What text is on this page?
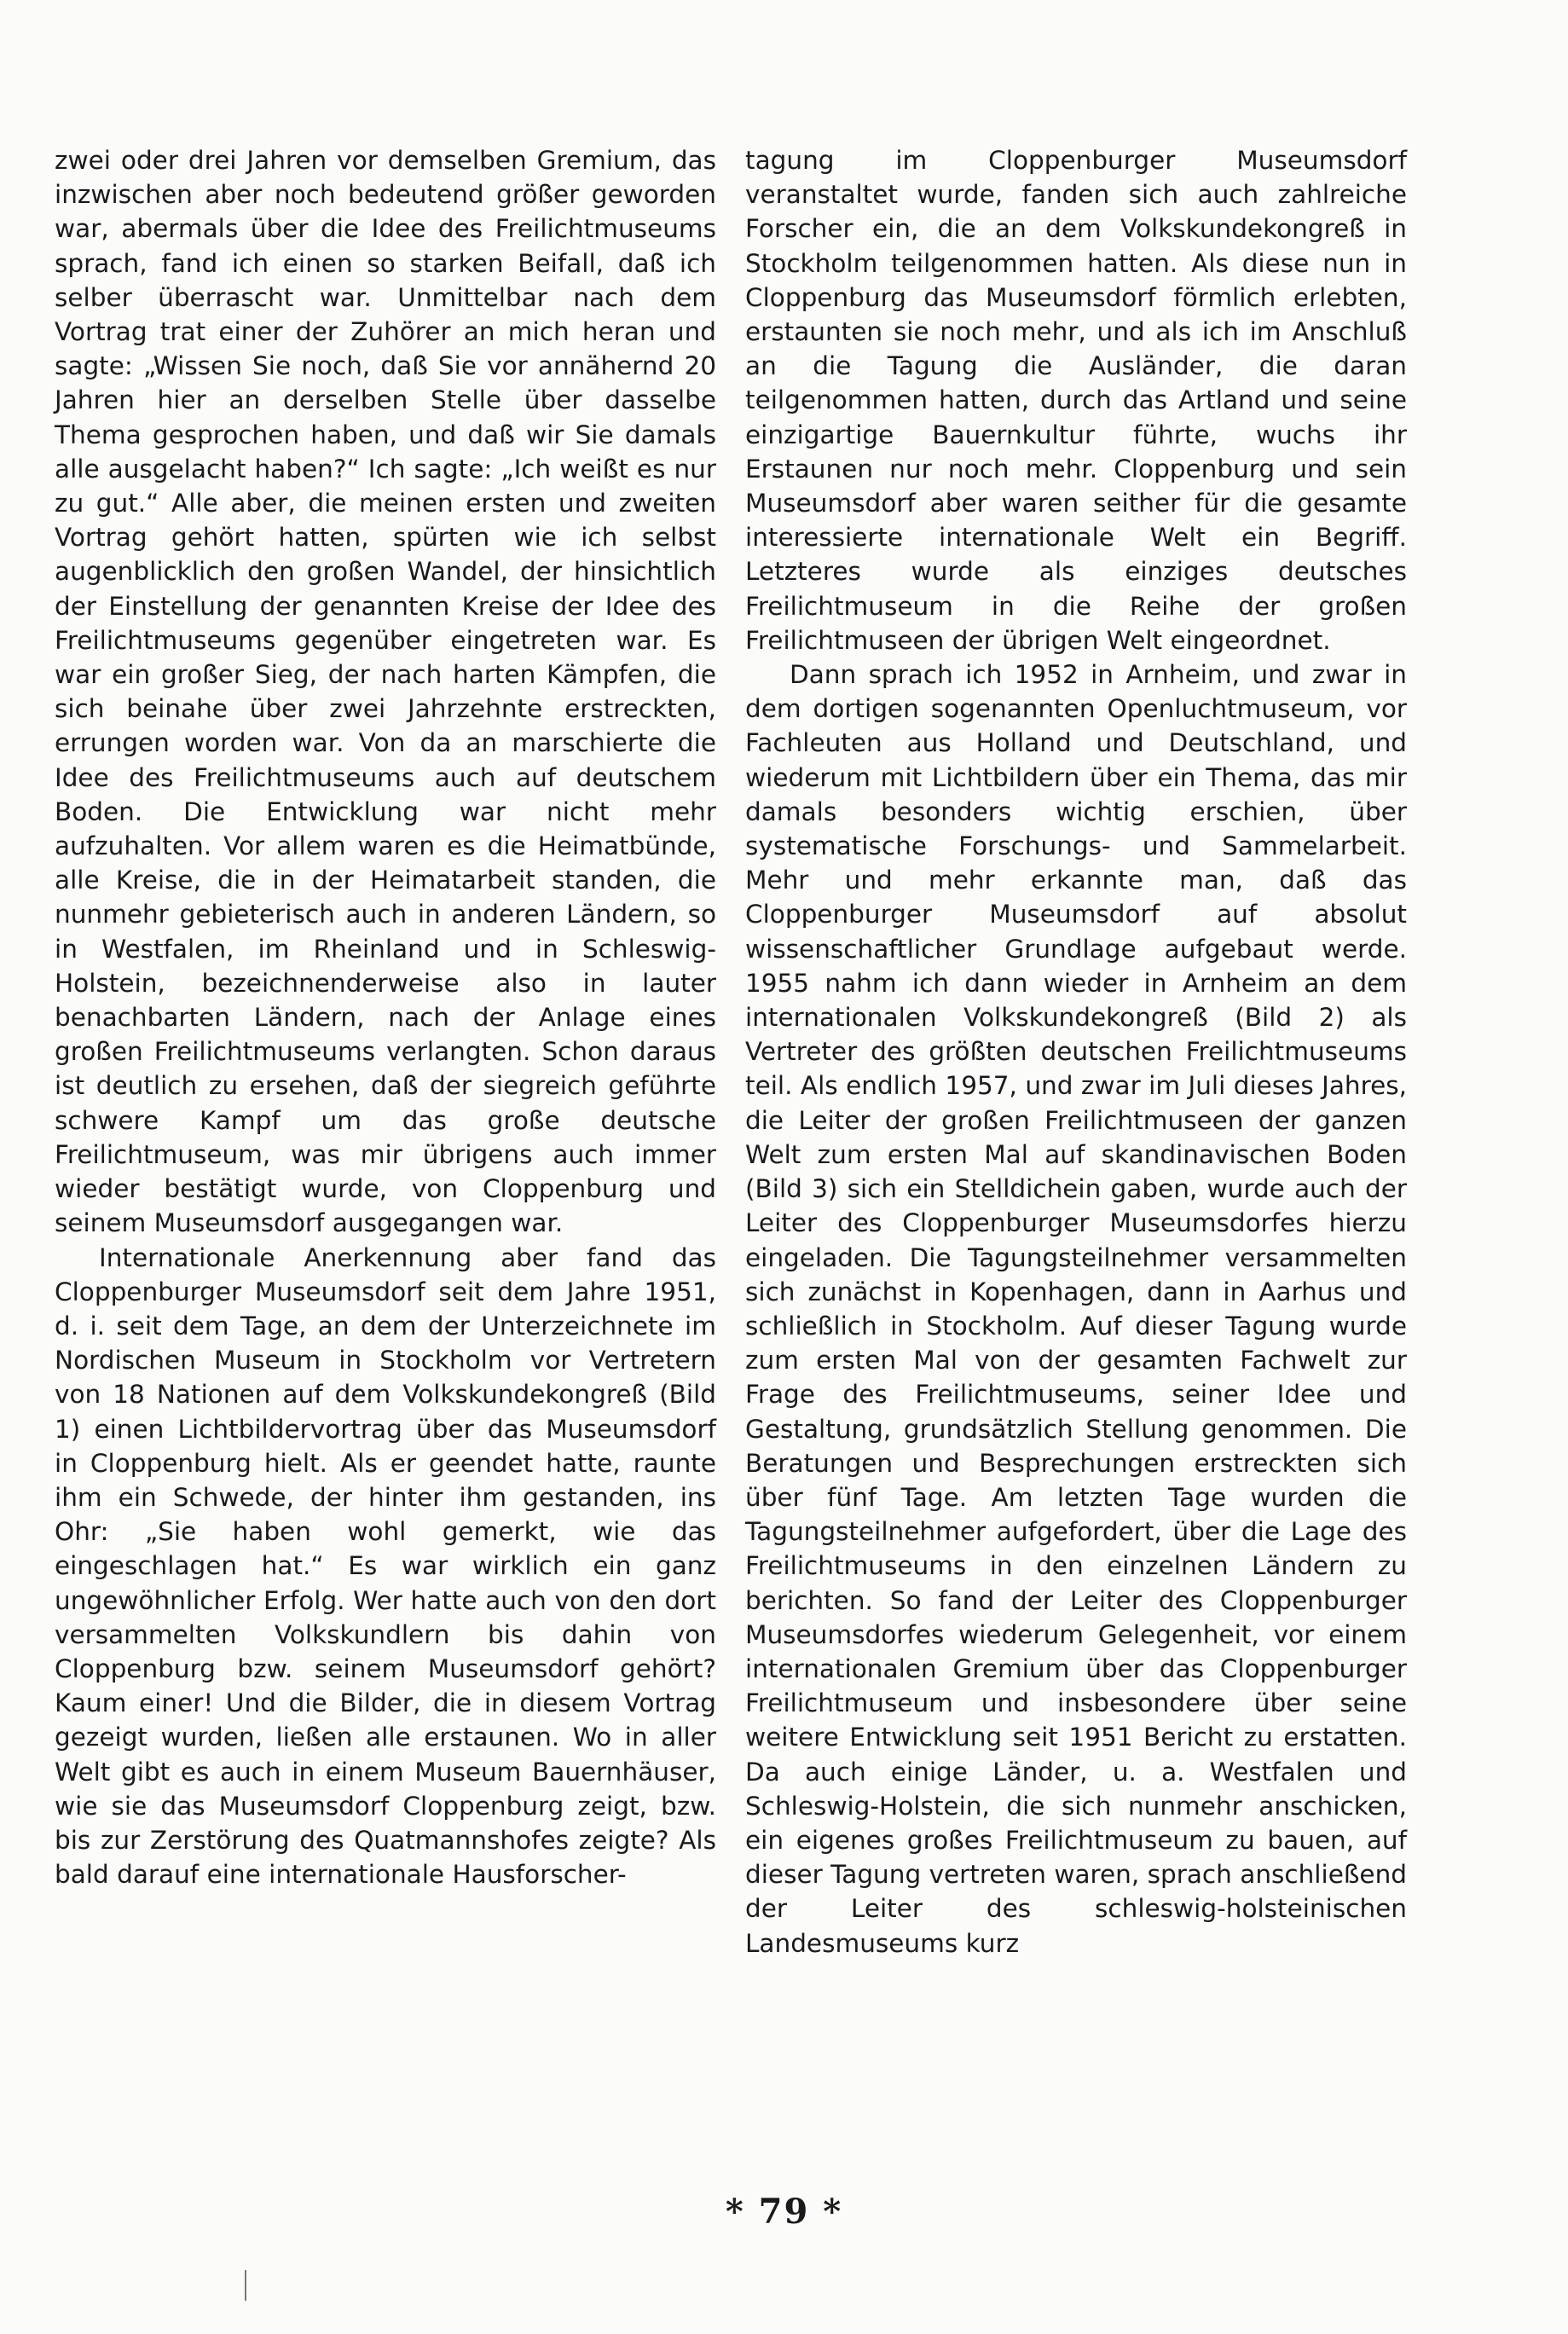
zwei oder drei Jahren vor demselben Gremium, das inzwischen aber noch bedeutend größer geworden war, abermals über die Idee des Freilichtmuseums sprach, fand ich einen so starken Beifall, daß ich selber überrascht war. Unmittelbar nach dem Vortrag trat einer der Zuhörer an mich heran und sagte: „Wissen Sie noch, daß Sie vor annähernd 20 Jahren hier an derselben Stelle über dasselbe Thema gesprochen haben, und daß wir Sie damals alle ausgelacht haben?“ Ich sagte: „Ich weißt es nur zu gut.“ Alle aber, die meinen ersten und zweiten Vortrag gehört hatten, spürten wie ich selbst augenblicklich den großen Wandel, der hinsichtlich der Einstellung der genannten Kreise der Idee des Freilichtmuseums gegenüber eingetreten war. Es war ein großer Sieg, der nach harten Kämpfen, die sich beinahe über zwei Jahrzehnte erstreckten, errungen worden war. Von da an marschierte die Idee des Freilichtmuseums auch auf deutschem Boden. Die Entwicklung war nicht mehr aufzuhalten. Vor allem waren es die Heimatbünde, alle Kreise, die in der Heimatarbeit standen, die nunmehr gebieterisch auch in anderen Ländern, so in Westfalen, im Rheinland und in Schleswig-Holstein, bezeichnenderweise also in lauter benachbarten Ländern, nach der Anlage eines großen Freilichtmuseums verlangten. Schon daraus ist deutlich zu ersehen, daß der siegreich geführte schwere Kampf um das große deutsche Freilichtmuseum, was mir übrigens auch immer wieder bestätigt wurde, von Cloppenburg und seinem Museumsdorf ausgegangen war.

Internationale Anerkennung aber fand das Cloppenburger Museumsdorf seit dem Jahre 1951, d. i. seit dem Tage, an dem der Unterzeichnete im Nordischen Museum in Stockholm vor Vertretern von 18 Nationen auf dem Volkskundekongreß (Bild 1) einen Lichtbildervortrag über das Museumsdorf in Cloppenburg hielt. Als er geendet hatte, raunte ihm ein Schwede, der hinter ihm gestanden, ins Ohr: „Sie haben wohl gemerkt, wie das eingeschlagen hat.“ Es war wirklich ein ganz ungewöhnlicher Erfolg. Wer hatte auch von den dort versammelten Volkskundlern bis dahin von Cloppenburg bzw. seinem Museumsdorf gehört? Kaum einer! Und die Bilder, die in diesem Vortrag gezeigt wurden, ließen alle erstaunen. Wo in aller Welt gibt es auch in einem Museum Bauernhäuser, wie sie das Museumsdorf Cloppenburg zeigt, bzw. bis zur Zerstörung des Quatmannshofes zeigte? Als bald darauf eine internationale Hausforscher-

tagung im Cloppenburger Museumsdorf veranstaltet wurde, fanden sich auch zahlreiche Forscher ein, die an dem Volkskundekongreß in Stockholm teilgenommen hatten. Als diese nun in Cloppenburg das Museumsdorf förmlich erlebten, erstaunten sie noch mehr, und als ich im Anschluß an die Tagung die Ausländer, die daran teilgenommen hatten, durch das Artland und seine einzigartige Bauernkultur führte, wuchs ihr Erstaunen nur noch mehr. Cloppenburg und sein Museumsdorf aber waren seither für die gesamte interessierte internationale Welt ein Begriff. Letzteres wurde als einziges deutsches Freilichtmuseum in die Reihe der großen Freilichtmuseen der übrigen Welt eingeordnet.

Dann sprach ich 1952 in Arnheim, und zwar in dem dortigen sogenannten Openluchtmuseum, vor Fachleuten aus Holland und Deutschland, und wiederum mit Lichtbildern über ein Thema, das mir damals besonders wichtig erschien, über systematische Forschungs- und Sammelarbeit. Mehr und mehr erkannte man, daß das Cloppenburger Museumsdorf auf absolut wissenschaftlicher Grundlage aufgebaut werde. 1955 nahm ich dann wieder in Arnheim an dem internationalen Volkskundekongreß (Bild 2) als Vertreter des größten deutschen Freilichtmuseums teil. Als endlich 1957, und zwar im Juli dieses Jahres, die Leiter der großen Freilichtmuseen der ganzen Welt zum ersten Mal auf skandinavischen Boden (Bild 3) sich ein Stelldichein gaben, wurde auch der Leiter des Cloppenburger Museumsdorfes hierzu eingeladen. Die Tagungsteilnehmer versammelten sich zunächst in Kopenhagen, dann in Aarhus und schließlich in Stockholm. Auf dieser Tagung wurde zum ersten Mal von der gesamten Fachwelt zur Frage des Freilichtmuseums, seiner Idee und Gestaltung, grundsätzlich Stellung genommen. Die Beratungen und Besprechungen erstreckten sich über fünf Tage. Am letzten Tage wurden die Tagungsteilnehmer aufgefordert, über die Lage des Freilichtmuseums in den einzelnen Ländern zu berichten. So fand der Leiter des Cloppenburger Museumsdorfes wiederum Gelegenheit, vor einem internationalen Gremium über das Cloppenburger Freilichtmuseum und insbesondere über seine weitere Entwicklung seit 1951 Bericht zu erstatten. Da auch einige Länder, u. a. Westfalen und Schleswig-Holstein, die sich nunmehr anschicken, ein eigenes großes Freilichtmuseum zu bauen, auf dieser Tagung vertreten waren, sprach anschließend der Leiter des schleswig-holsteinischen Landesmuseums kurz

* 79 *
